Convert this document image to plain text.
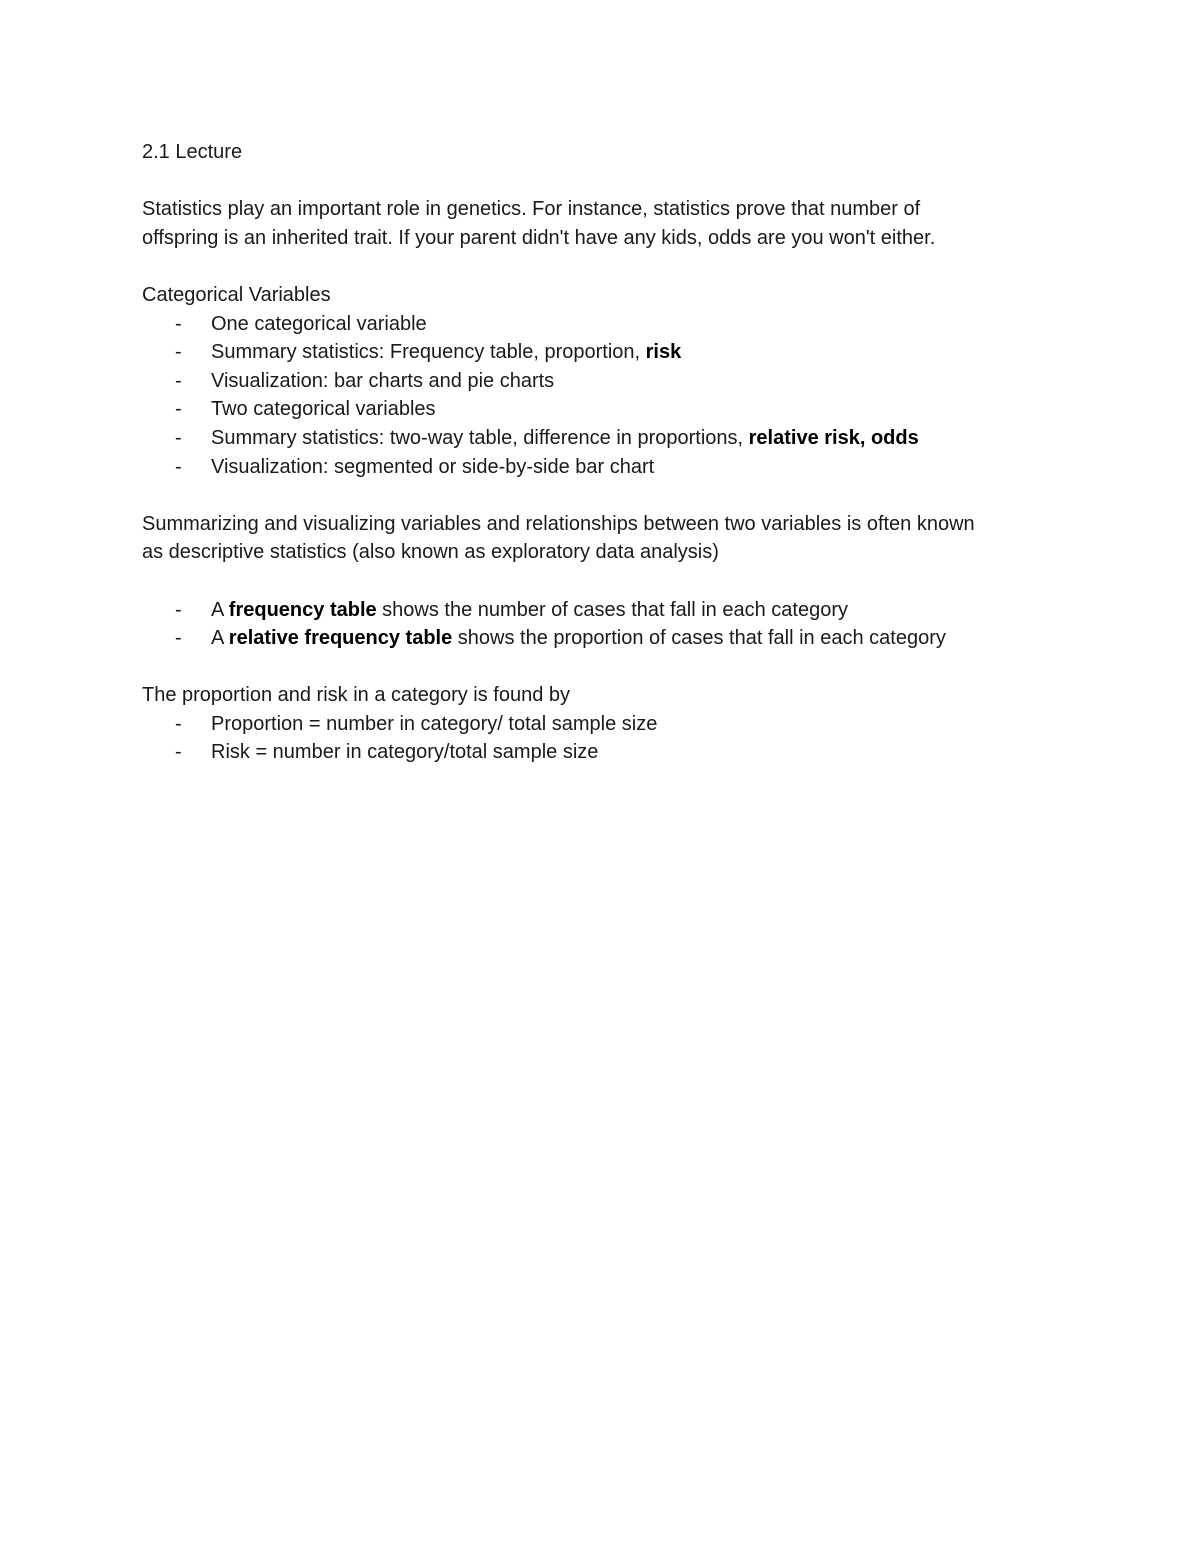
2.1 Lecture
Statistics play an important role in genetics. For instance, statistics prove that number of
offspring is an inherited trait. If your parent didn't have any kids, odds are you won't either.
Categorical Variables
- One categorical variable
- Summary statistics: Frequency table, proportion, risk
- Visualization: bar charts and pie charts
- Two categorical variables
- Summary statistics: two-way table, difference in proportions, relative risk, odds
- Visualization: segmented or side-by-side bar chart
Summarizing and visualizing variables and relationships between two variables is often known
as descriptive statistics (also known as exploratory data analysis)
- A frequency table shows the number of cases that fall in each category
- A relative frequency table shows the proportion of cases that fall in each category
The proportion and risk in a category is found by
- Proportion = number in category/ total sample size
- Risk = number in category/total sample size
